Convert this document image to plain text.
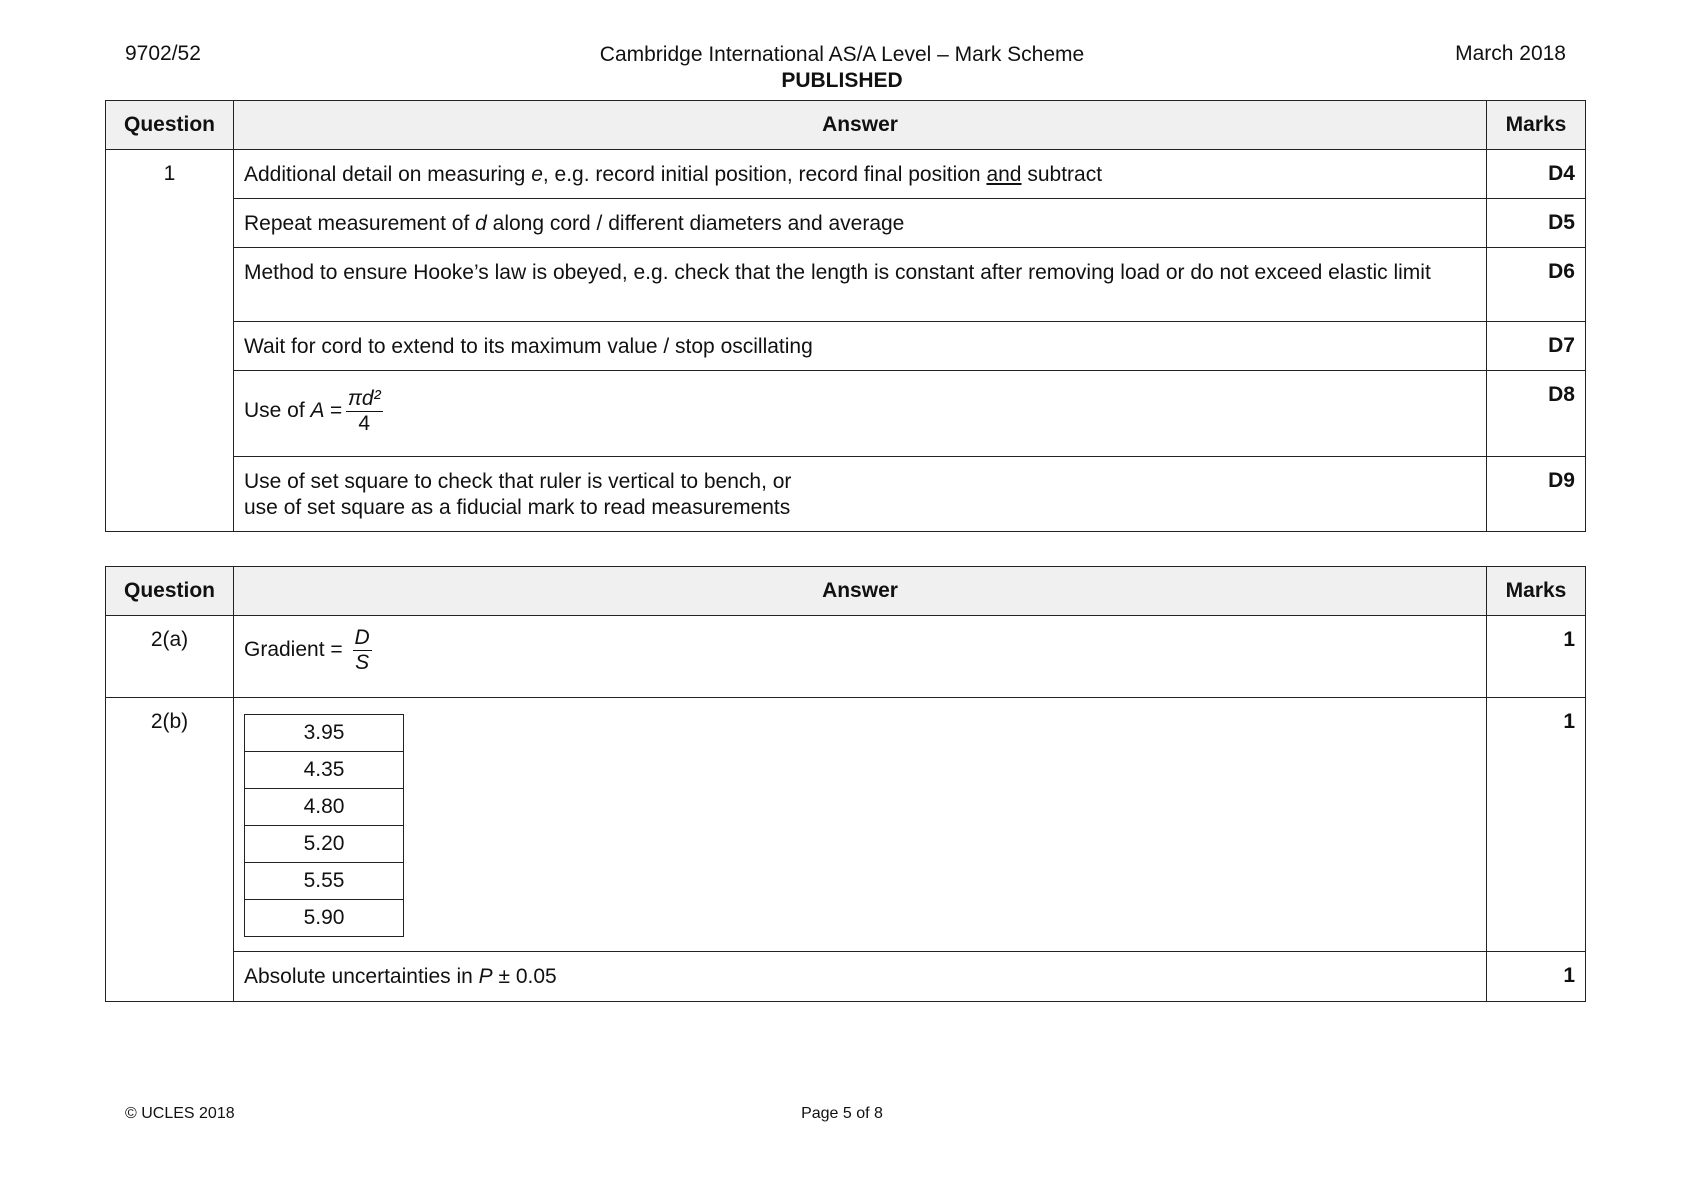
9702/52	Cambridge International AS/A Level – Mark Scheme
PUBLISHED
March 2018
Question	Answer	Marks
1	Additional detail on measuring e, e.g. record initial position, record final position and subtract	D4
	Repeat measurement of d along cord / different diameters and average	D5
	Method to ensure Hooke’s law is obeyed, e.g. check that the length is constant after removing load or do not exceed elastic limit	D6
	Wait for cord to extend to its maximum value / stop oscillating	D7
	Use of $A = \frac{\text{πd²}}{4}$	D8

	Use of set square to check that ruler is vertical to bench, or
use of set square as a fiducial mark to read measurements	D9
Question	Answer	Marks
2(a)	Gradient = $\frac{D}{S}$	1
2(b)		3.95
4.35
4.80
5.20
5.55
5.90
	1
Absolute uncertainties in P ± 0.05	1
© UCLES 2018	Page 5 of 8
